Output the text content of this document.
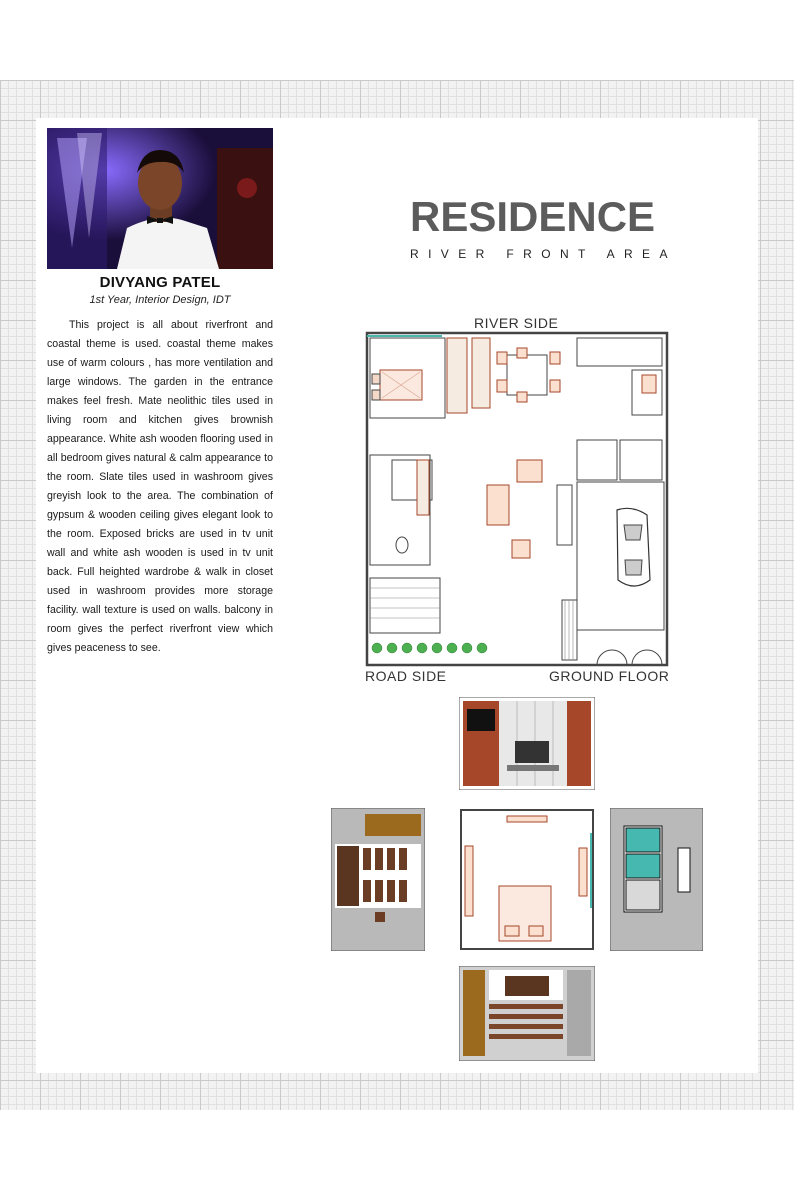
DIVYANG PATEL
1st Year, Interior Design, IDT

This project is all about riverfront and coastal theme is used. coastal theme makes use of warm colours , has more ventilation and large windows. The garden in the entrance makes feel fresh. Mate neolithic tiles used in living room and kitchen gives brownish appearance. White ash wooden flooring used in all bedroom gives natural & calm appearance to the room. Slate tiles used in washroom gives greyish look to the area. The combination of gypsum & wooden ceiling gives elegant look to the room. Exposed bricks are used in tv unit wall and white ash wooden is used in tv unit back. Full heighted wardrobe & walk in closet used in washroom provides more storage facility. wall texture is used on walls. balcony in room gives the perfect riverfront view which gives peaceness to see.

RESIDENCE
RIVER FRONT AREA
RIVER SIDE
ROAD SIDE	GROUND FLOOR
